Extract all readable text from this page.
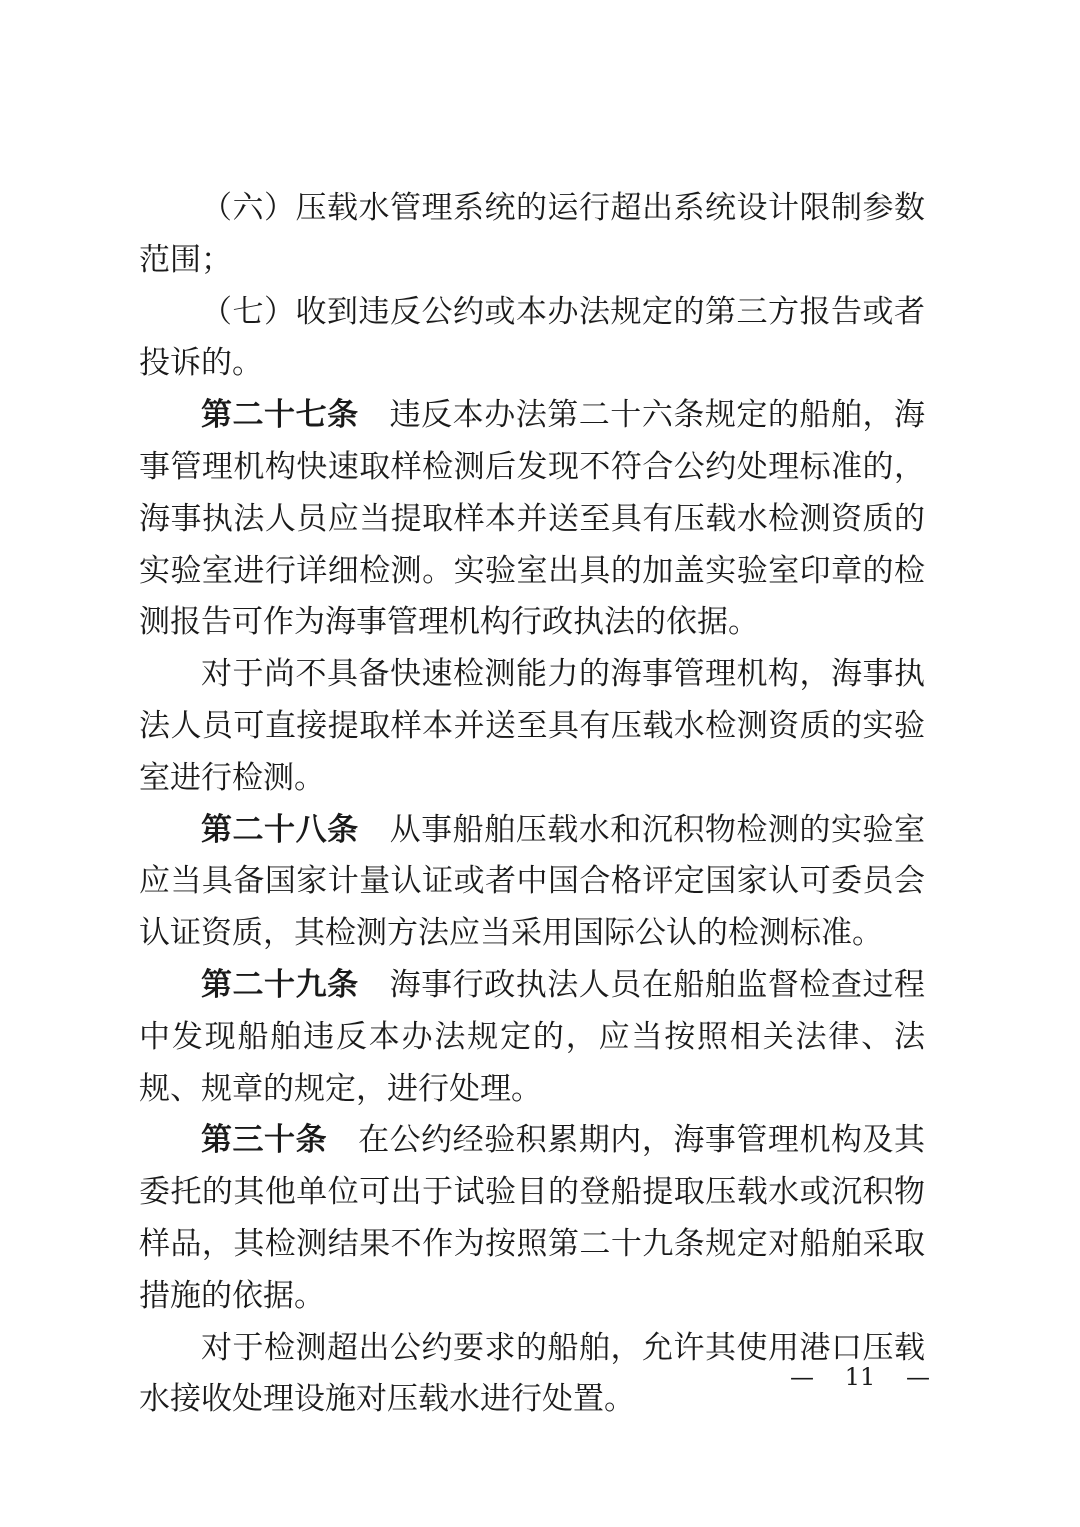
（六）压载水管理系统的运行超出系统设计限制参数范围；

（七）收到违反公约或本办法规定的第三方报告或者投诉的。

第二十七条 违反本办法第二十六条规定的船舶，海事管理机构快速取样检测后发现不符合公约处理标准的，海事执法人员应当提取样本并送至具有压载水检测资质的实验室进行详细检测。实验室出具的加盖实验室印章的检测报告可作为海事管理机构行政执法的依据。

对于尚不具备快速检测能力的海事管理机构，海事执法人员可直接提取样本并送至具有压载水检测资质的实验室进行检测。

第二十八条 从事船舶压载水和沉积物检测的实验室应当具备国家计量认证或者中国合格评定国家认可委员会认证资质，其检测方法应当采用国际公认的检测标准。

第二十九条 海事行政执法人员在船舶监督检查过程中发现船舶违反本办法规定的，应当按照相关法律、法规、规章的规定，进行处理。

第三十条 在公约经验积累期内，海事管理机构及其委托的其他单位可出于试验目的登船提取压载水或沉积物样品，其检测结果不作为按照第二十九条规定对船舶采取措施的依据。

对于检测超出公约要求的船舶，允许其使用港口压载水接收处理设施对压载水进行处置。

— 11 —
